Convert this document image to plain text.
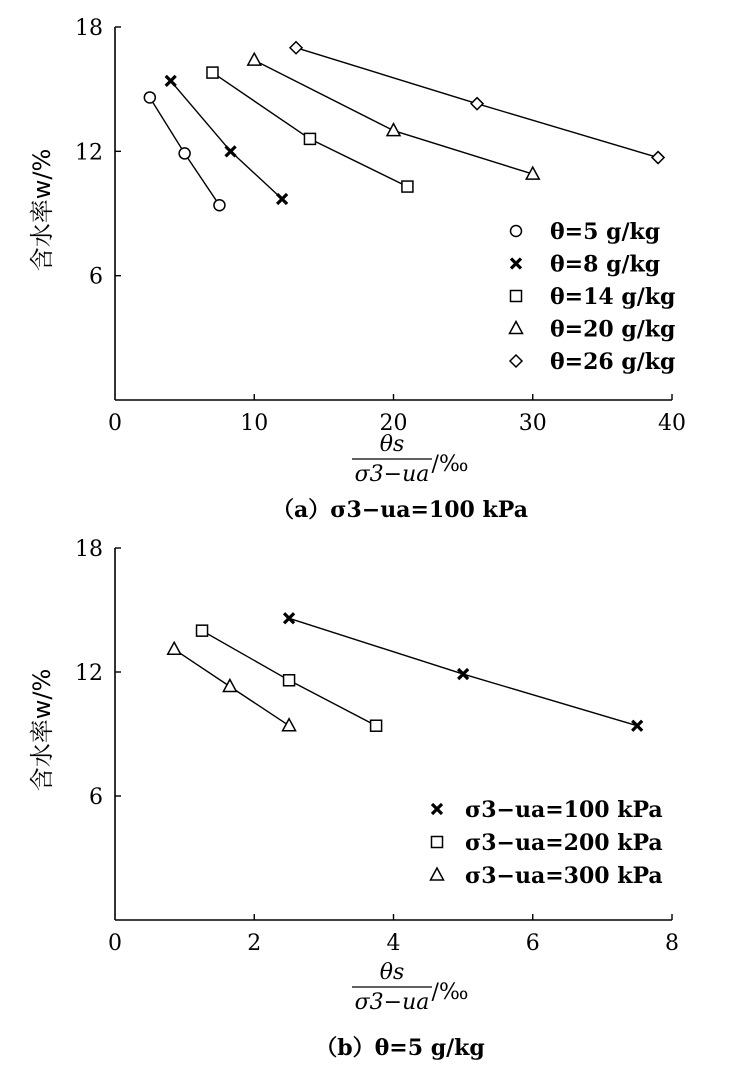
0	10	20	30	40
6
12
18
含水率w/%
θs
σ3−ua /‰
（a）σ3−ua=100 kPa
θ=5 g/kg
θ=8 g/kg
θ=14 g/kg
θ=20 g/kg
θ=26 g/kg
0	2	4	6	8
6
12
18
含水率w/%
θs
σ3−ua /‰
（b）θ=5 g/kg
σ3−ua=100 kPa
σ3−ua=200 kPa
σ3−ua=300 kPa
